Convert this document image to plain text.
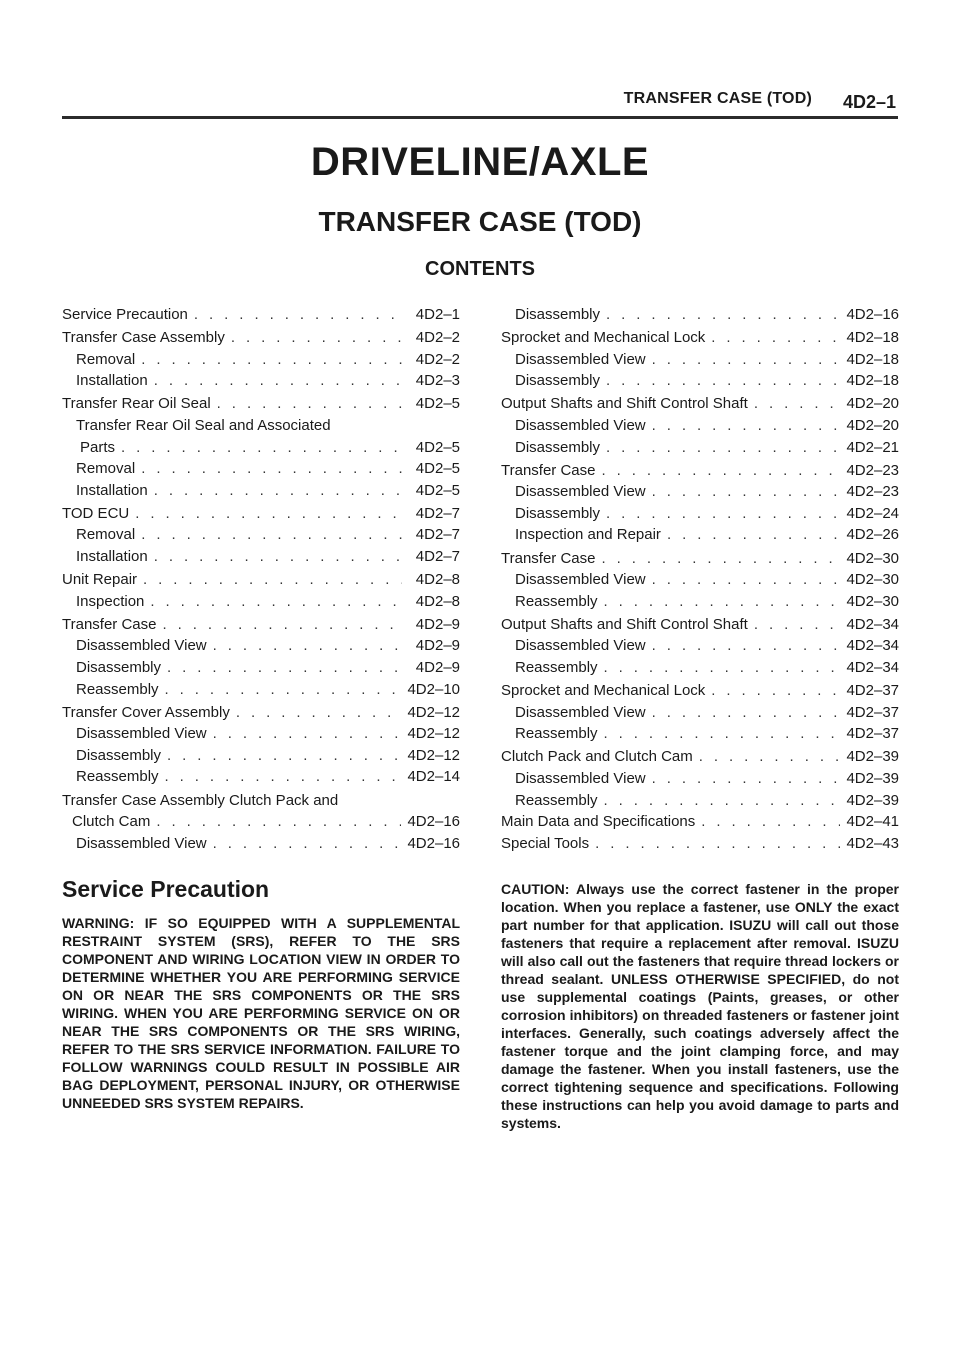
TRANSFER CASE (TOD) 4D2–1
DRIVELINE/AXLE
TRANSFER CASE (TOD)
CONTENTS
Service Precaution . . .	4D2–1
Transfer Case Assembly . . .	4D2–2
Removal . . .	4D2–2
Installation . . .	4D2–3
Transfer Rear Oil Seal . . .	4D2–5
Transfer Rear Oil Seal and Associated
Parts . . .	4D2–5
Removal . . .	4D2–5
Installation . . .	4D2–5
TOD ECU . . .	4D2–7
Removal . . .	4D2–7
Installation . . .	4D2–7
Unit Repair . . .	4D2–8
Inspection . . .	4D2–8
Transfer Case . . .	4D2–9
Disassembled View . . .	4D2–9
Disassembly . . .	4D2–9
Reassembly . . .	4D2–10
Transfer Cover Assembly . . .	4D2–12
Disassembled View . . .	4D2–12
Disassembly . . .	4D2–12
Reassembly . . .	4D2–14
Transfer Case Assembly Clutch Pack and
Clutch Cam . . .	4D2–16
Disassembled View . . .	4D2–16
Disassembly . . .	4D2–16
Sprocket and Mechanical Lock . . .	4D2–18
Disassembled View . . .	4D2–18
Disassembly . . .	4D2–18
Output Shafts and Shift Control Shaft . . .	4D2–20
Disassembled View . . .	4D2–20
Disassembly . . .	4D2–21
Transfer Case . . .	4D2–23
Disassembled View . . .	4D2–23
Disassembly . . .	4D2–24
Inspection and Repair . . .	4D2–26
Transfer Case . . .	4D2–30
Disassembled View . . .	4D2–30
Reassembly . . .	4D2–30
Output Shafts and Shift Control Shaft . . .	4D2–34
Disassembled View . . .	4D2–34
Reassembly . . .	4D2–34
Sprocket and Mechanical Lock . . .	4D2–37
Disassembled View . . .	4D2–37
Reassembly . . .	4D2–37
Clutch Pack and Clutch Cam . . .	4D2–39
Disassembled View . . .	4D2–39
Reassembly . . .	4D2–39
Main Data and Specifications . . .	4D2–41
Special Tools . . .	4D2–43
Service Precaution
WARNING: IF SO EQUIPPED WITH A SUPPLEMENTAL RESTRAINT SYSTEM (SRS), REFER TO THE SRS COMPONENT AND WIRING LOCATION VIEW IN ORDER TO DETERMINE WHETHER YOU ARE PERFORMING SERVICE ON OR NEAR THE SRS COMPONENTS OR THE SRS WIRING. WHEN YOU ARE PERFORMING SERVICE ON OR NEAR THE SRS COMPONENTS OR THE SRS WIRING, REFER TO THE SRS SERVICE INFORMATION. FAILURE TO FOLLOW WARNINGS COULD RESULT IN POSSIBLE AIR BAG DEPLOYMENT, PERSONAL INJURY, OR OTHERWISE UNNEEDED SRS SYSTEM REPAIRS.
CAUTION: Always use the correct fastener in the proper location. When you replace a fastener, use ONLY the exact part number for that application. ISUZU will call out those fasteners that require a replacement after removal. ISUZU will also call out the fasteners that require thread lockers or thread sealant. UNLESS OTHERWISE SPECIFIED, do not use supplemental coatings (Paints, greases, or other corrosion inhibitors) on threaded fasteners or fastener joint interfaces. Generally, such coatings adversely affect the fastener torque and the joint clamping force, and may damage the fastener. When you install fasteners, use the correct tightening sequence and specifications. Following these instructions can help you avoid damage to parts and systems.
